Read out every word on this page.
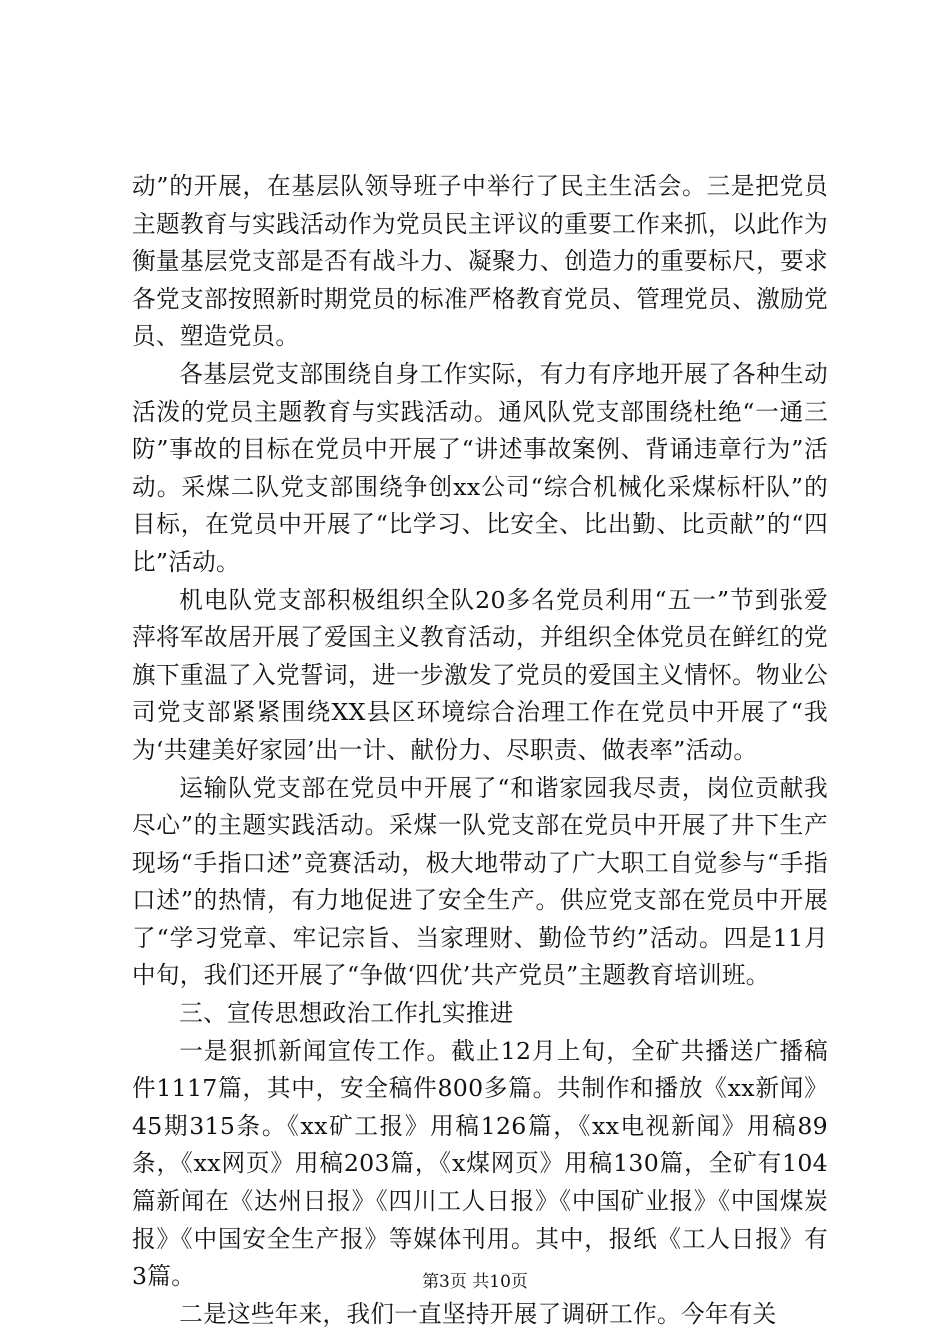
动”的开展，在基层队领导班子中举行了民主生活会。三是把党员主题教育与实践活动作为党员民主评议的重要工作来抓，以此作为衡量基层党支部是否有战斗力、凝聚力、创造力的重要标尺，要求各党支部按照新时期党员的标准严格教育党员、管理党员、激励党员、塑造党员。

各基层党支部围绕自身工作实际，有力有序地开展了各种生动活泼的党员主题教育与实践活动。通风队党支部围绕杜绝“一通三防”事故的目标在党员中开展了“讲述事故案例、背诵违章行为”活动。采煤二队党支部围绕争创xx公司“综合机械化采煤标杆队”的目标，在党员中开展了“比学习、比安全、比出勤、比贡献”的“四比”活动。

机电队党支部积极组织全队20多名党员利用“五一”节到张爱萍将军故居开展了爱国主义教育活动，并组织全体党员在鲜红的党旗下重温了入党誓词，进一步激发了党员的爱国主义情怀。物业公司党支部紧紧围绕XX县区环境综合治理工作在党员中开展了“我为‘共建美好家园’出一计、献份力、尽职责、做表率”活动。

运输队党支部在党员中开展了“和谐家园我尽责，岗位贡献我尽心”的主题实践活动。采煤一队党支部在党员中开展了井下生产现场“手指口述”竞赛活动，极大地带动了广大职工自觉参与“手指口述”的热情，有力地促进了安全生产。供应党支部在党员中开展了“学习党章、牢记宗旨、当家理财、勤俭节约”活动。四是11月中旬，我们还开展了“争做‘四优’共产党员”主题教育培训班。

三、宣传思想政治工作扎实推进

一是狠抓新闻宣传工作。截止12月上旬，全矿共播送广播稿件1117篇，其中，安全稿件800多篇。共制作和播放《xx新闻》45期315条。《xx矿工报》用稿126篇，《xx电视新闻》用稿89条，《xx网页》用稿203篇，《x煤网页》用稿130篇，全矿有104篇新闻在《达州日报》《四川工人日报》《中国矿业报》《中国煤炭报》《中国安全生产报》等媒体刊用。其中，报纸《工人日报》有3篇。

二是这些年来，我们一直坚持开展了调研工作。今年有关

第3页 共10页
